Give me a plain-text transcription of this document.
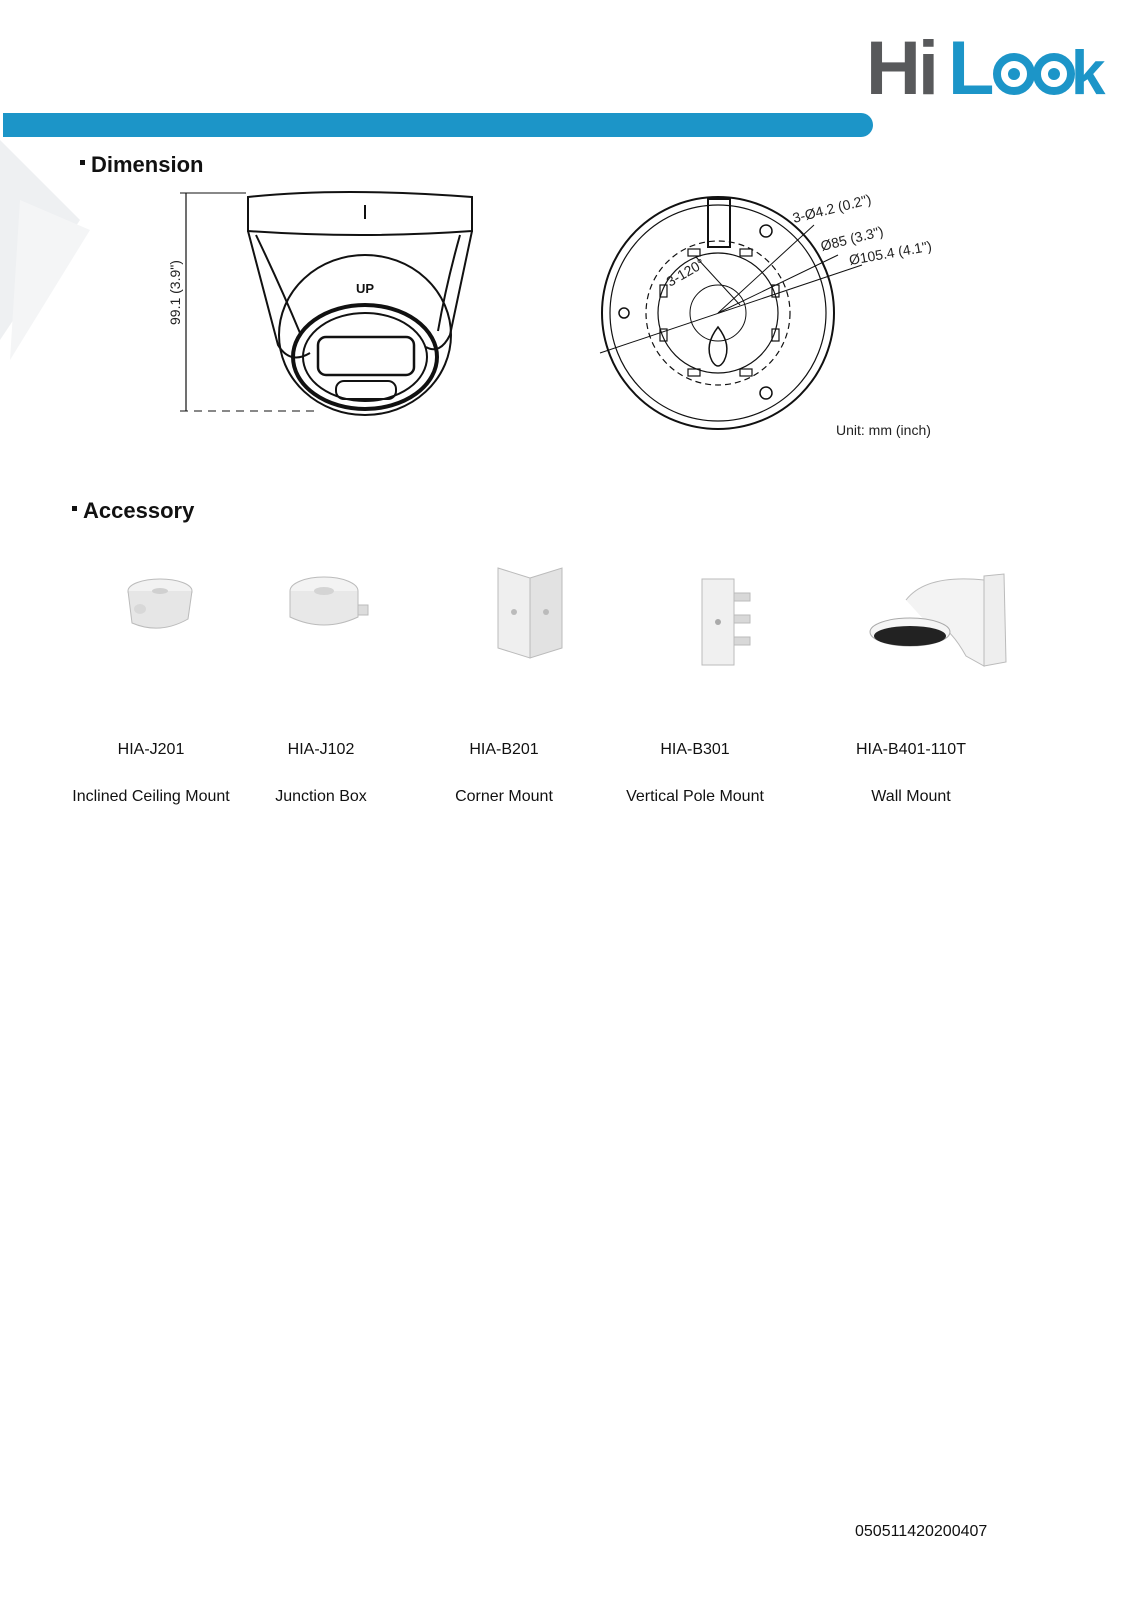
Hi L k
Dimension
UP
99.1 (3.9")
Unit: mm (inch)
3-Ø4.2 (0.2")
Ø85 (3.3")
Ø105.4 (4.1")
3-120°
Accessory
HIA-J201	HIA-J102	HIA-B201	HIA-B301	HIA-B401-110T
Inclined Ceiling Mount	Junction Box	Corner Mount	Vertical Pole Mount	Wall Mount
050511420200407
